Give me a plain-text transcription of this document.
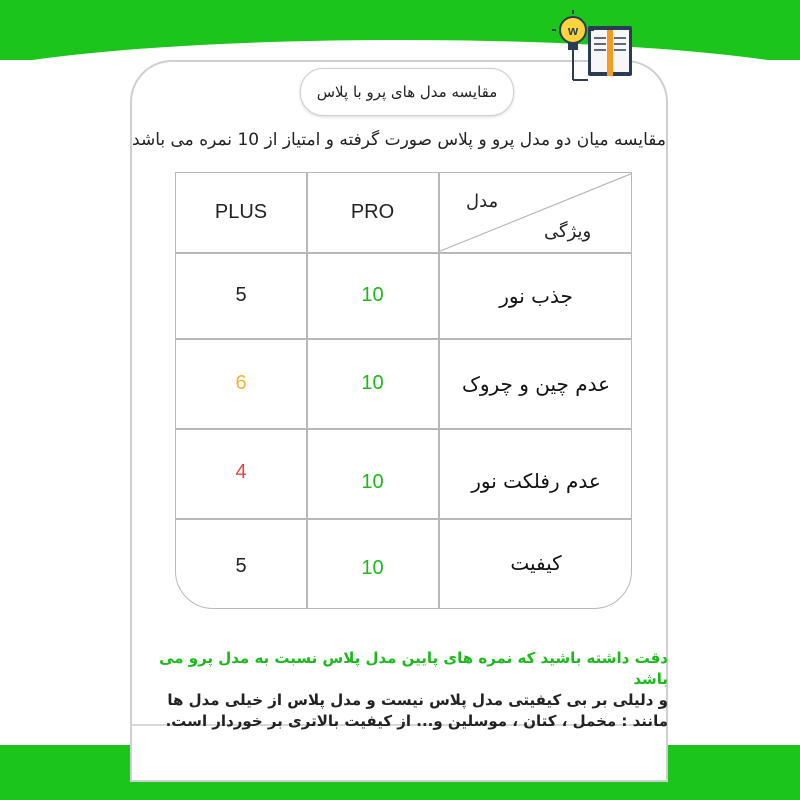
w
مقایسه مدل های پرو با پلاس
مقایسه میان دو مدل پرو و پلاس صورت گرفته و امتیاز از 10 نمره می باشد
مدل
ویژگی
PLUS	PRO
5	10	جذب نور
6	10	عدم چین و چروک
4	10	عدم رفلکت نور
5	10	کیفیت
دقت داشته باشید که نمره های پایین مدل پلاس نسبت به مدل پرو می باشد
و دلیلی بر بی کیفیتی مدل پلاس نیست و مدل پلاس از خیلی مدل ها
مانند : مخمل ، کتان ، موسلین و... از کیفیت بالاتری بر خوردار است.
